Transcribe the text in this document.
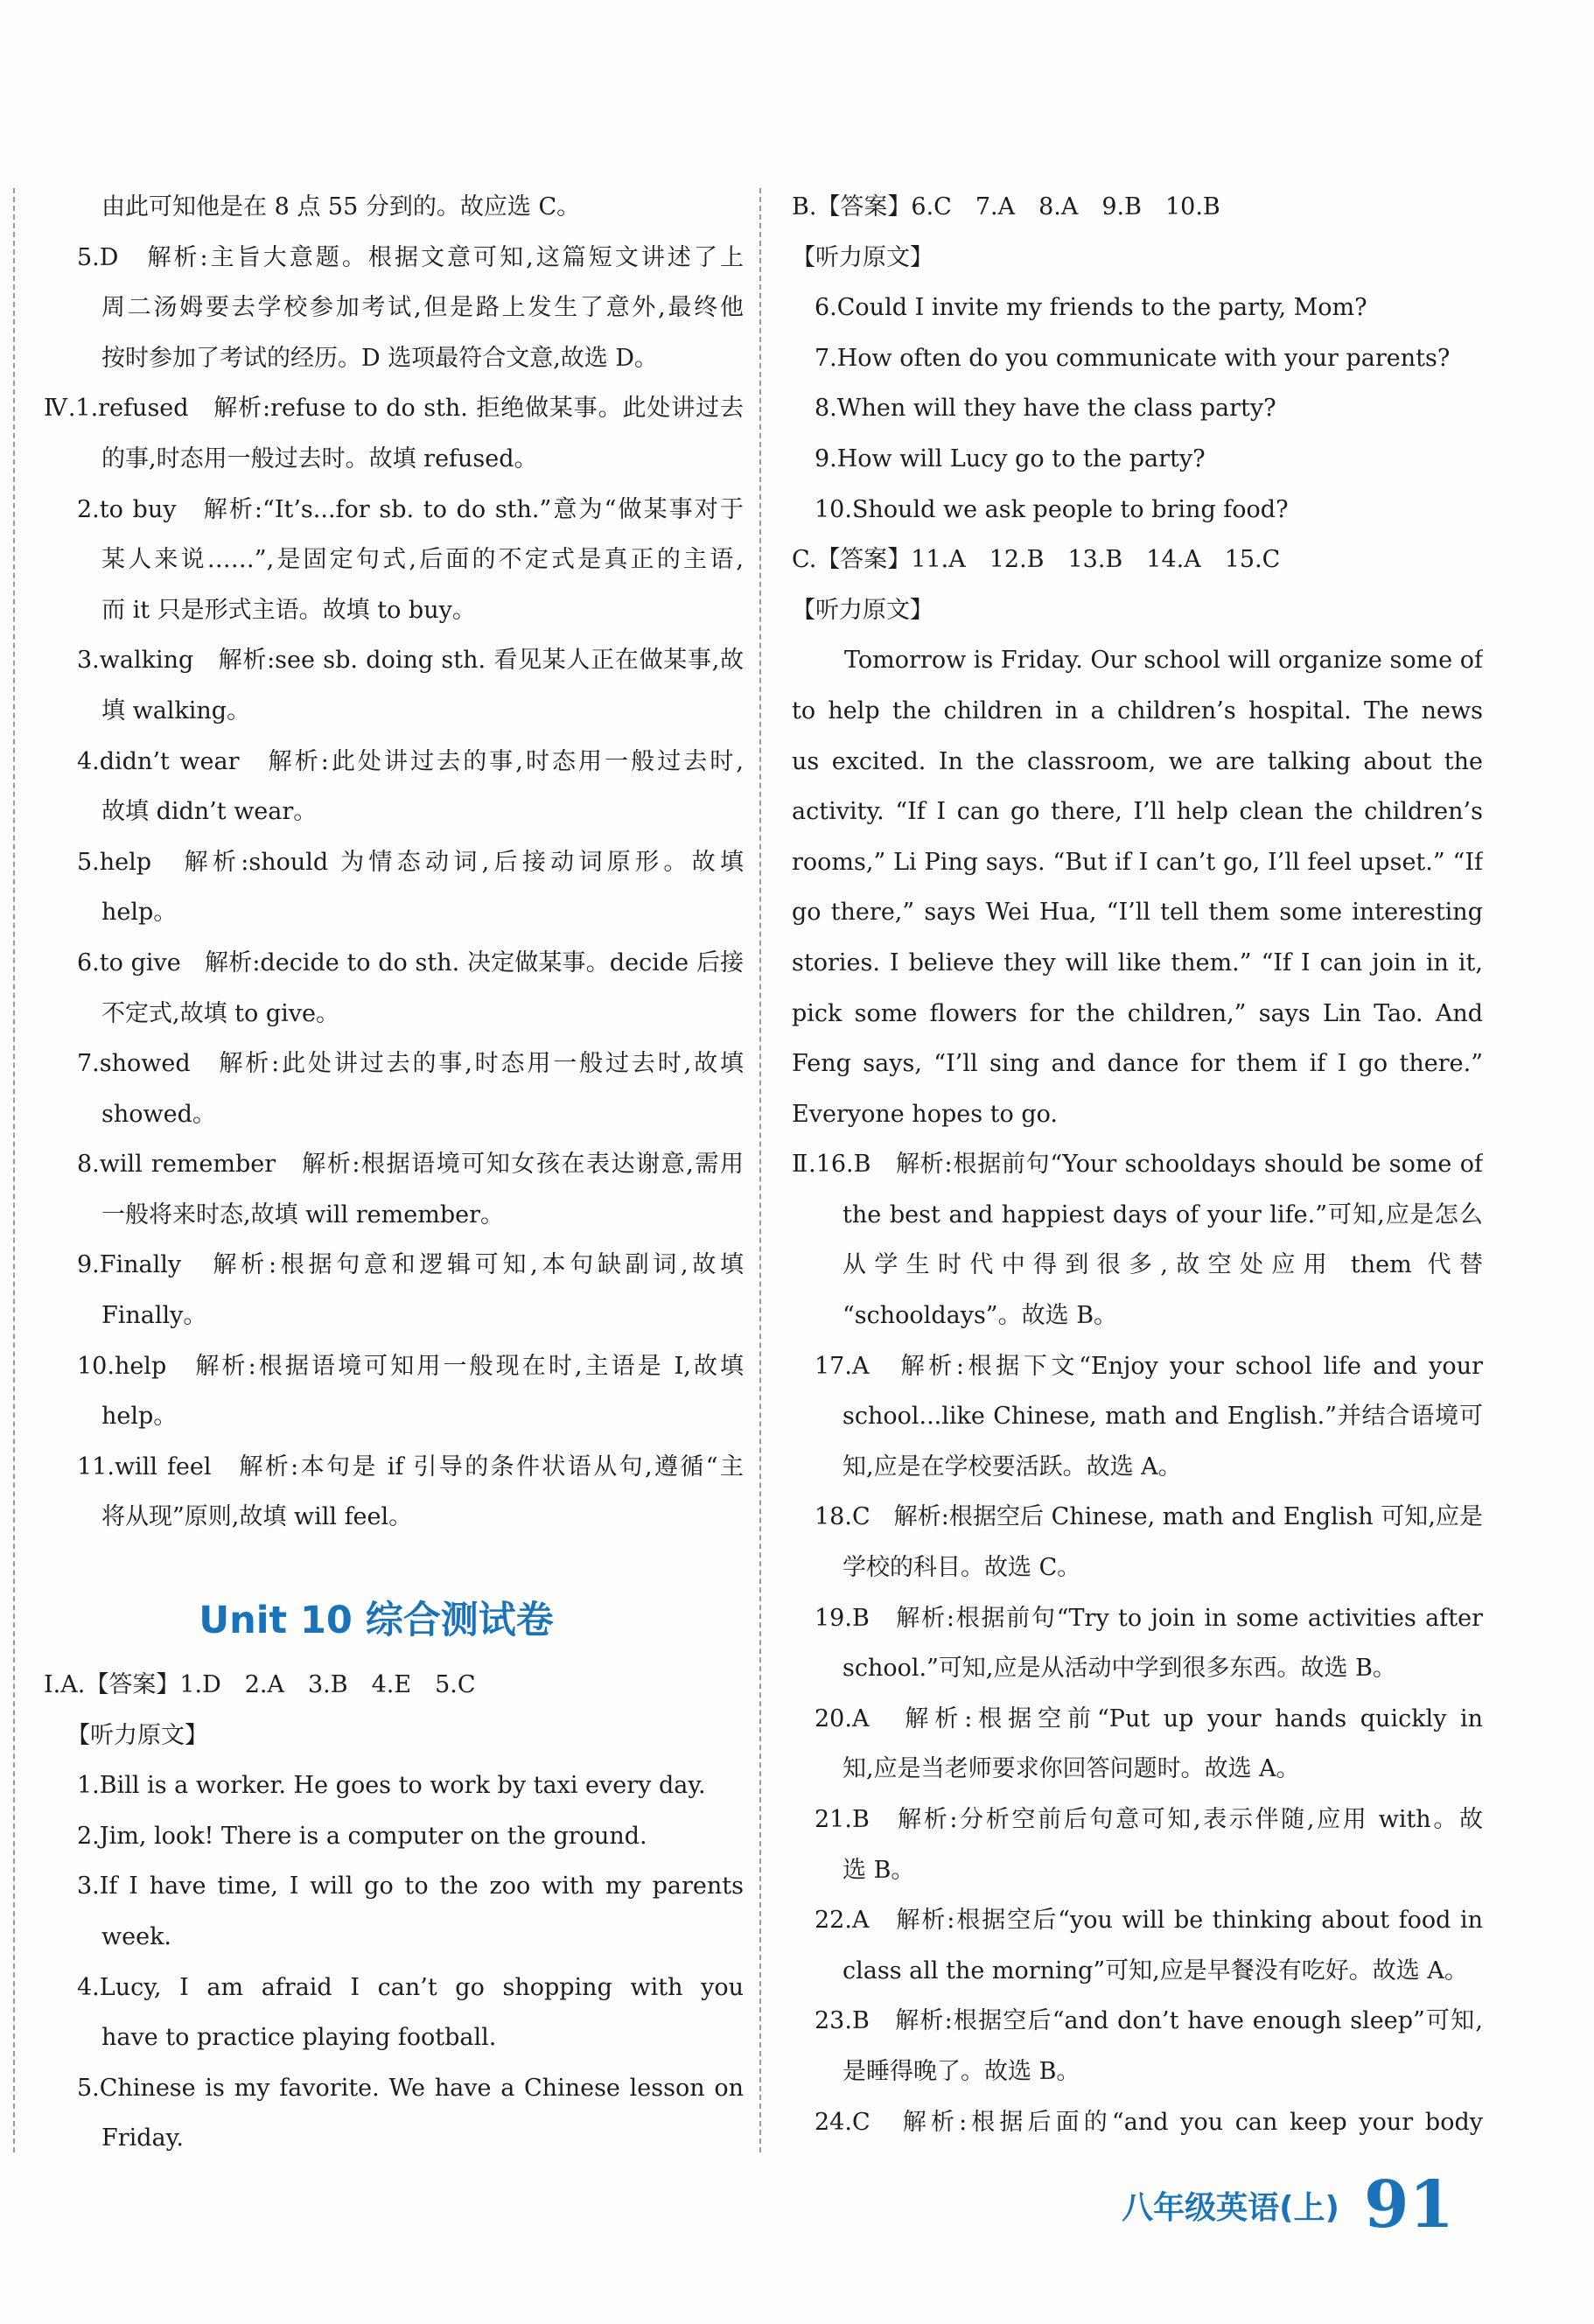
由此可知他是在 8 点 55 分到的。故应选 C。
5.D　解析:主旨大意题。根据文意可知,这篇短文讲述了上
周二汤姆要去学校参加考试,但是路上发生了意外,最终他
按时参加了考试的经历。D 选项最符合文意,故选 D。
Ⅳ.1.refused　解析:refuse to do sth. 拒绝做某事。此处讲过去
的事,时态用一般过去时。故填 refused。
2.to buy　解析:“It’s...for sb. to do sth.”意为“做某事对于
某人来说……”,是固定句式,后面的不定式是真正的主语,
而 it 只是形式主语。故填 to buy。
3.walking　解析:see sb. doing sth. 看见某人正在做某事,故
填 walking。
4.didn’t wear　解析:此处讲过去的事,时态用一般过去时,
故填 didn’t wear。
5.help　解析:should 为情态动词,后接动词原形。故填
help。
6.to give　解析:decide to do sth. 决定做某事。decide 后接
不定式,故填 to give。
7.showed　解析:此处讲过去的事,时态用一般过去时,故填
showed。
8.will remember　解析:根据语境可知女孩在表达谢意,需用
一般将来时态,故填 will remember。
9.Finally　解析:根据句意和逻辑可知,本句缺副词,故填
Finally。
10.help　解析:根据语境可知用一般现在时,主语是 I,故填
help。
11.will feel　解析:本句是 if 引导的条件状语从句,遵循“主
将从现”原则,故填 will feel。
Unit 10 综合测试卷
Ⅰ.A.【答案】1.D　2.A　3.B　4.E　5.C
【听力原文】
1.Bill is a worker. He goes to work by taxi every day.
2.Jim, look! There is a computer on the ground.
3.If I have time, I will go to the zoo with my parents
week.
4.Lucy, I am afraid I can’t go shopping with you
have to practice playing football.
5.Chinese is my favorite. We have a Chinese lesson on
Friday.
B.【答案】6.C　7.A　8.A　9.B　10.B
【听力原文】
6.Could I invite my friends to the party, Mom?
7.How often do you communicate with your parents?
8.When will they have the class party?
9.How will Lucy go to the party?
10.Should we ask people to bring food?
C.【答案】11.A　12.B　13.B　14.A　15.C
【听力原文】
Tomorrow is Friday. Our school will organize some of
to help the children in a children’s hospital. The news
us excited. In the classroom, we are talking about the
activity. “If I can go there, I’ll help clean the children’s
rooms,” Li Ping says. “But if I can’t go, I’ll feel upset.” “If
go there,” says Wei Hua, “I’ll tell them some interesting
stories. I believe they will like them.” “If I can join in it,
pick some flowers for the children,” says Lin Tao. And
Feng says, “I’ll sing and dance for them if I go there.”
Everyone hopes to go.
Ⅱ.16.B　解析:根据前句“Your schooldays should be some of
the best and happiest days of your life.”可知,应是怎么
从学生时代中得到很多,故空处应用 them 代替
“schooldays”。故选 B。
17.A　解析:根据下文“Enjoy your school life and your
school...like Chinese, math and English.”并结合语境可
知,应是在学校要活跃。故选 A。
18.C　解析:根据空后 Chinese, math and English 可知,应是
学校的科目。故选 C。
19.B　解析:根据前句“Try to join in some activities after
school.”可知,应是从活动中学到很多东西。故选 B。
20.A　解析:根据空前“Put up your hands quickly in
知,应是当老师要求你回答问题时。故选 A。
21.B　解析:分析空前后句意可知,表示伴随,应用 with。故
选 B。
22.A　解析:根据空后“you will be thinking about food in
class all the morning”可知,应是早餐没有吃好。故选 A。
23.B　解析:根据空后“and don’t have enough sleep”可知,
是睡得晚了。故选 B。
24.C　解析:根据后面的“and you can keep your body
八年级英语(上) 91
